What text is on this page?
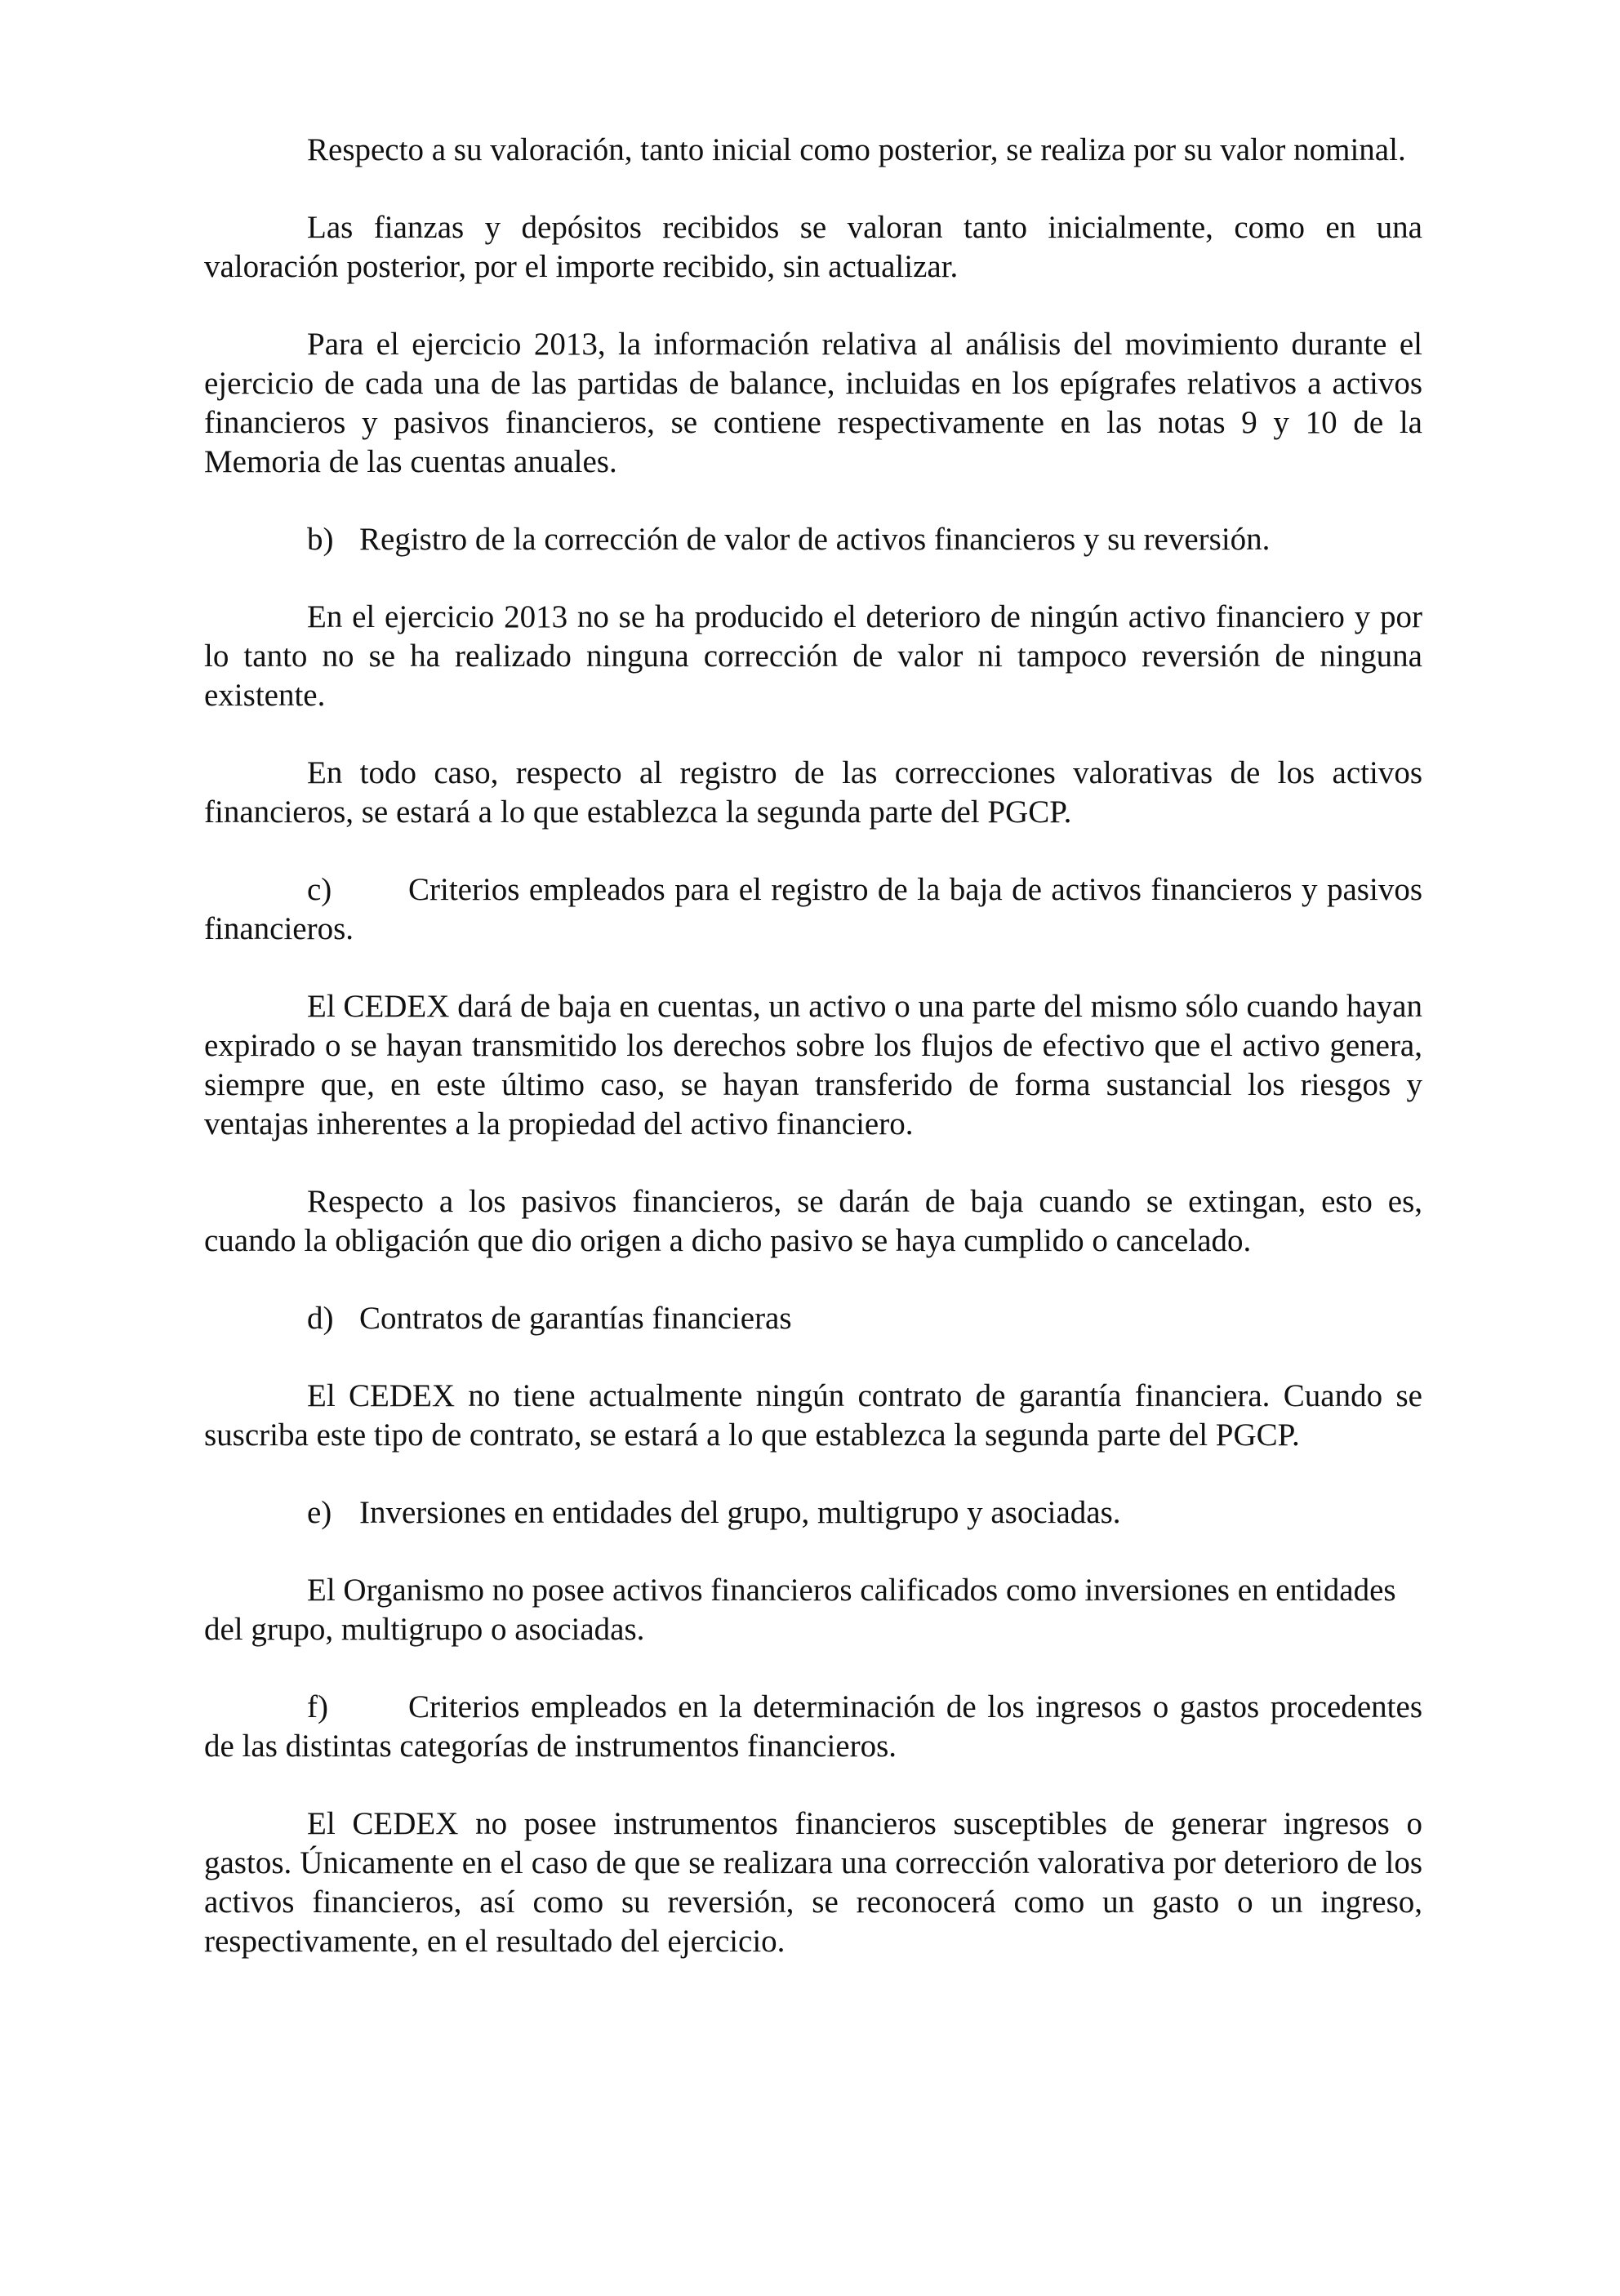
Respecto a su valoración, tanto inicial como posterior, se realiza por su valor nominal.

Las fianzas y depósitos recibidos se valoran tanto inicialmente, como en una valoración posterior, por el importe recibido, sin actualizar.

Para el ejercicio 2013, la información relativa al análisis del movimiento durante el ejercicio de cada una de las partidas de balance, incluidas en los epígrafes relativos a activos financieros y pasivos financieros, se contiene respectivamente en las notas 9 y 10 de la Memoria de las cuentas anuales.

b) Registro de la corrección de valor de activos financieros y su reversión.

En el ejercicio 2013 no se ha producido el deterioro de ningún activo financiero y por lo tanto no se ha realizado ninguna corrección de valor ni tampoco reversión de ninguna existente.

En todo caso, respecto al registro de las correcciones valorativas de los activos financieros, se estará a lo que establezca la segunda parte del PGCP.

c) Criterios empleados para el registro de la baja de activos financieros y pasivos financieros.

El CEDEX dará de baja en cuentas, un activo o una parte del mismo sólo cuando hayan expirado o se hayan transmitido los derechos sobre los flujos de efectivo que el activo genera, siempre que, en este último caso, se hayan transferido de forma sustancial los riesgos y ventajas inherentes a la propiedad del activo financiero.

Respecto a los pasivos financieros, se darán de baja cuando se extingan, esto es, cuando la obligación que dio origen a dicho pasivo se haya cumplido o cancelado.

d) Contratos de garantías financieras

El CEDEX no tiene actualmente ningún contrato de garantía financiera. Cuando se suscriba este tipo de contrato, se estará a lo que establezca la segunda parte del PGCP.

e) Inversiones en entidades del grupo, multigrupo y asociadas.

El Organismo no posee activos financieros calificados como inversiones en entidades del grupo, multigrupo o asociadas.

f)	Criterios empleados en la determinación de los ingresos o gastos procedentes de las distintas categorías de instrumentos financieros.

El CEDEX no posee instrumentos financieros susceptibles de generar ingresos o gastos. Únicamente en el caso de que se realizara una corrección valorativa por deterioro de los activos financieros, así como su reversión, se reconocerá como un gasto o un ingreso, respectivamente, en el resultado del ejercicio.
